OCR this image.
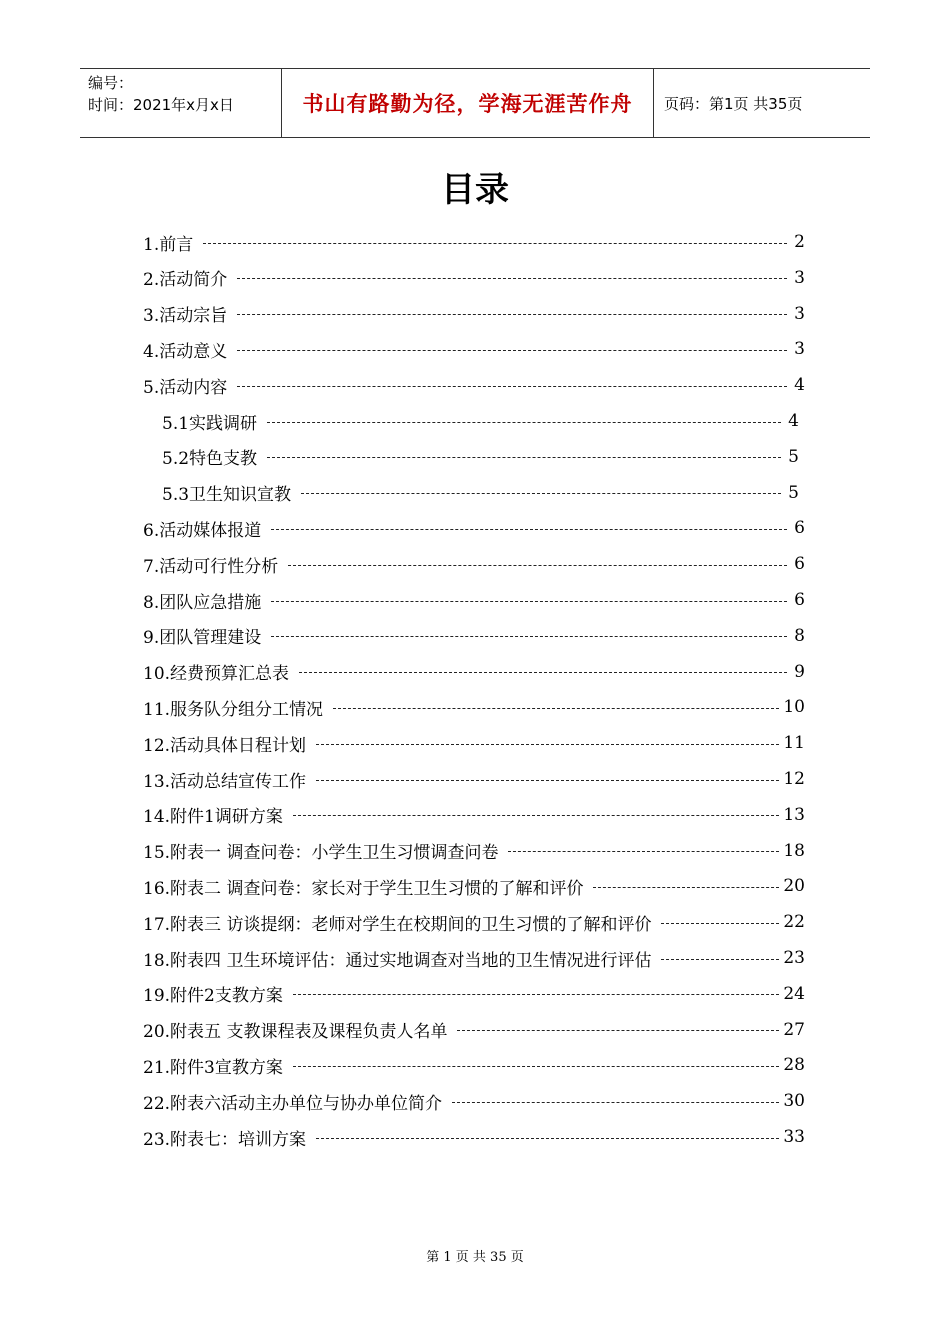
编号：
时间：2021年x月x日	书山有路勤为径，学海无涯苦作舟	页码：第1页 共35页
目录
1.前言	2
2.活动简介	3
3.活动宗旨	3
4.活动意义	3
5.活动内容	4
5.1实践调研	4
5.2特色支教	5
5.3卫生知识宣教	5
6.活动媒体报道	6
7.活动可行性分析	6
8.团队应急措施	6
9.团队管理建设	8
10.经费预算汇总表	9
11.服务队分组分工情况	10
12.活动具体日程计划	11
13.活动总结宣传工作	12
14.附件1调研方案	13
15.附表一 调查问卷：小学生卫生习惯调查问卷	18
16.附表二 调查问卷：家长对于学生卫生习惯的了解和评价	20
17.附表三 访谈提纲：老师对学生在校期间的卫生习惯的了解和评价	22
18.附表四 卫生环境评估：通过实地调查对当地的卫生情况进行评估	23
19.附件2支教方案	24
20.附表五 支教课程表及课程负责人名单	27
21.附件3宣教方案	28
22.附表六活动主办单位与协办单位简介	30
23.附表七：培训方案	33
第 1 页 共 35 页
